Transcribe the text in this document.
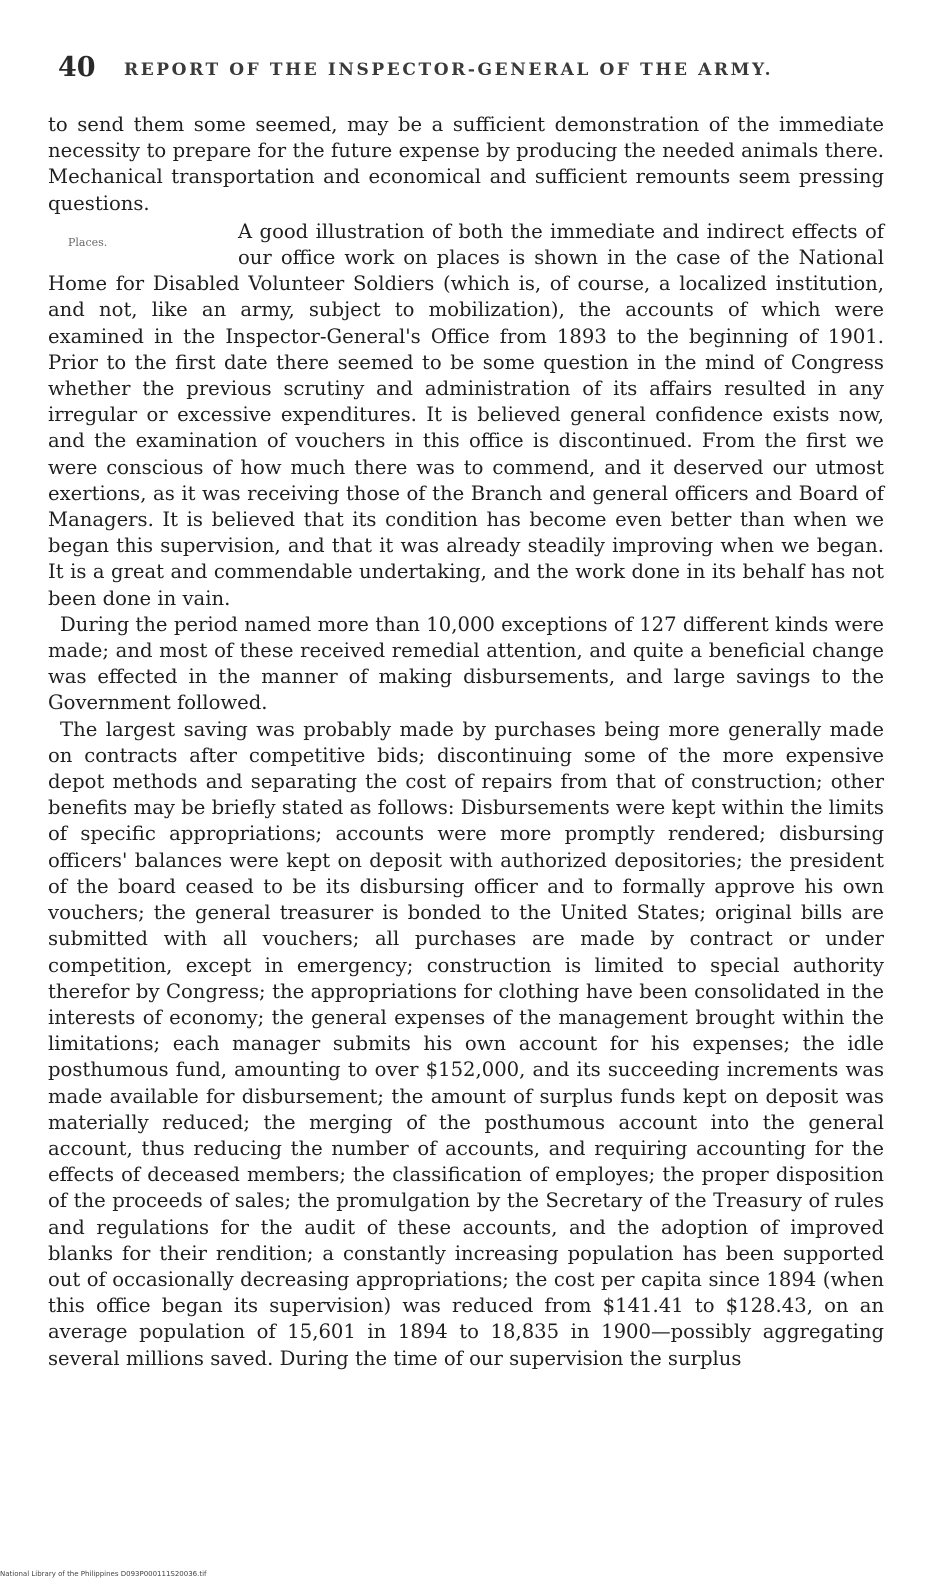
40 REPORT OF THE INSPECTOR-GENERAL OF THE ARMY.

to send them some seemed, may be a sufficient demonstration of the immediate necessity to prepare for the future expense by producing the needed animals there. Mechanical transportation and economical and sufficient remounts seem pressing questions.

Places.	A good illustration of both the immediate and indirect effects of our office work on places is shown in the case of the National Home for Disabled Volunteer Soldiers (which is, of course, a localized institution, and not, like an army, subject to mobilization), the accounts of which were examined in the Inspector-General's Office from 1893 to the beginning of 1901. Prior to the first date there seemed to be some question in the mind of Congress whether the previous scrutiny and administration of its affairs resulted in any irregular or excessive expenditures. It is believed general confidence exists now, and the examination of vouchers in this office is discontinued. From the first we were conscious of how much there was to commend, and it deserved our utmost exertions, as it was receiving those of the Branch and general officers and Board of Managers. It is believed that its condition has become even better than when we began this supervision, and that it was already steadily improving when we began. It is a great and commendable undertaking, and the work done in its behalf has not been done in vain.

During the period named more than 10,000 exceptions of 127 different kinds were made; and most of these received remedial attention, and quite a beneficial change was effected in the manner of making disbursements, and large savings to the Government followed.

The largest saving was probably made by purchases being more generally made on contracts after competitive bids; discontinuing some of the more expensive depot methods and separating the cost of repairs from that of construction; other benefits may be briefly stated as follows: Disbursements were kept within the limits of specific appropriations; accounts were more promptly rendered; disbursing officers' balances were kept on deposit with authorized depositories; the president of the board ceased to be its disbursing officer and to formally approve his own vouchers; the general treasurer is bonded to the United States; original bills are submitted with all vouchers; all purchases are made by contract or under competition, except in emergency; construction is limited to special authority therefor by Congress; the appropriations for clothing have been consolidated in the interests of economy; the general expenses of the management brought within the limitations; each manager submits his own account for his expenses; the idle posthumous fund, amounting to over $152,000, and its succeeding increments was made available for disbursement; the amount of surplus funds kept on deposit was materially reduced; the merging of the posthumous account into the general account, thus reducing the number of accounts, and requiring accounting for the effects of deceased members; the classification of employes; the proper disposition of the proceeds of sales; the promulgation by the Secretary of the Treasury of rules and regulations for the audit of these accounts, and the adoption of improved blanks for their rendition; a constantly increasing population has been supported out of occasionally decreasing appropriations; the cost per capita since 1894 (when this office began its supervision) was reduced from $141.41 to $128.43, on an average population of 15,601 in 1894 to 18,835 in 1900—possibly aggregating several millions saved. During the time of our supervision the surplus

National Library of the Philippines D093P000111S20036.tif
